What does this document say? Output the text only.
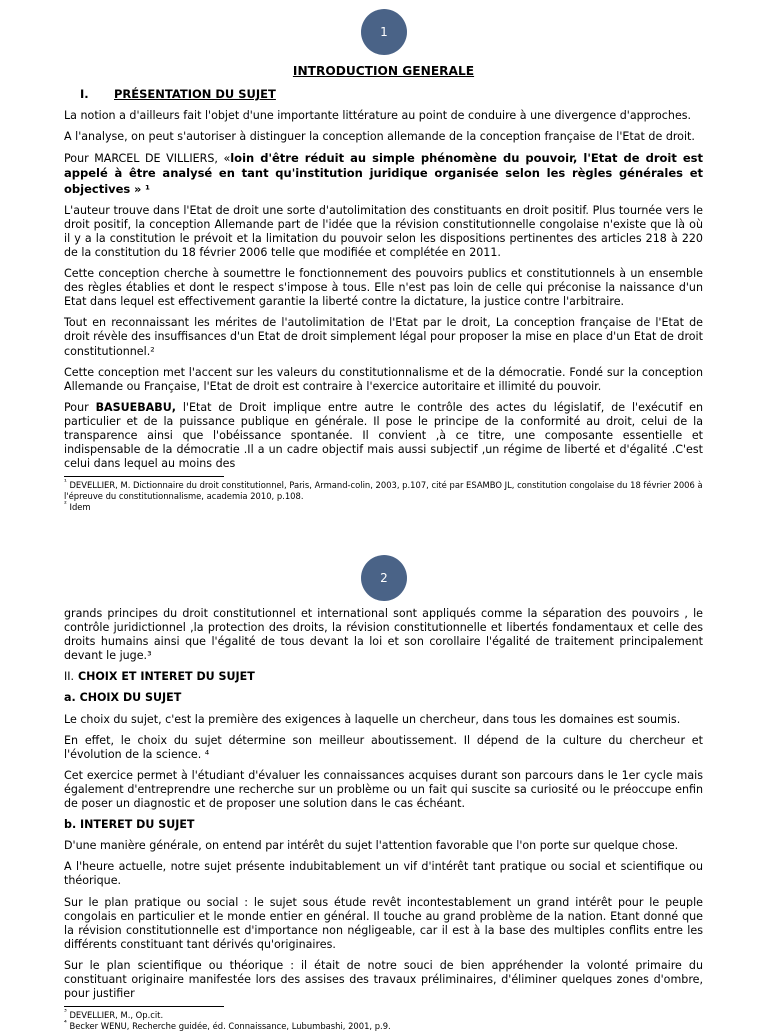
1

INTRODUCTION GENERALE

I. PRÉSENTATION DU SUJET

La notion a d'ailleurs fait l'objet d'une importante littérature au point de conduire à une divergence d'approches.

A l'analyse, on peut s'autoriser à distinguer la conception allemande de la conception française de l'Etat de droit.

Pour MARCEL DE VILLIERS, «loin d'être réduit au simple phénomène du pouvoir, l'Etat de droit est appelé à être analysé en tant qu'institution juridique organisée selon les règles générales et objectives » ¹

L'auteur trouve dans l'Etat de droit une sorte d'autolimitation des constituants en droit positif. Plus tournée vers le droit positif, la conception Allemande part de l'idée que la révision constitutionnelle congolaise n'existe que là où il y a la constitution le prévoit et la limitation du pouvoir selon les dispositions pertinentes des articles 218 à 220 de la constitution du 18 février 2006 telle que modifiée et complétée en 2011.

Cette conception cherche à soumettre le fonctionnement des pouvoirs publics et constitutionnels à un ensemble des règles établies et dont le respect s'impose à tous. Elle n'est pas loin de celle qui préconise la naissance d'un Etat dans lequel est effectivement garantie la liberté contre la dictature, la justice contre l'arbitraire.

Tout en reconnaissant les mérites de l'autolimitation de l'Etat par le droit, La conception française de l'Etat de droit révèle des insuffisances d'un Etat de droit simplement légal pour proposer la mise en place d'un Etat de droit constitutionnel.²

Cette conception met l'accent sur les valeurs du constitutionnalisme et de la démocratie. Fondé sur la conception Allemande ou Française, l'Etat de droit est contraire à l'exercice autoritaire et illimité du pouvoir.

Pour BASUEBABU, l'Etat de Droit implique entre autre le contrôle des actes du législatif, de l'exécutif en particulier et de la puissance publique en générale. Il pose le principe de la conformité au droit, celui de la transparence ainsi que l'obéissance spontanée. Il convient ,à ce titre, une composante essentielle et indispensable de la démocratie .Il a un cadre objectif mais aussi subjectif ,un régime de liberté et d'égalité .C'est celui dans lequel au moins des

$^{^1}$ DEVELLIER, M. Dictionnaire du droit constitutionnel, Paris, Armand-colin, 2003, p.107, cité par ESAMBO JL, constitution congolaise du 18 février 2006 à l'épreuve du constitutionnalisme, academia 2010, p.108.

$^{^2}$ Idem

2

grands principes du droit constitutionnel et international sont appliqués comme la séparation des pouvoirs , le contrôle juridictionnel ,la protection des droits, la révision constitutionnelle et libertés fondamentaux et celle des droits humains ainsi que l'égalité de tous devant la loi et son corollaire l'égalité de traitement principalement devant le juge.³

II. CHOIX ET INTERET DU SUJET

a. CHOIX DU SUJET

Le choix du sujet, c'est la première des exigences à laquelle un chercheur, dans tous les domaines est soumis.

En effet, le choix du sujet détermine son meilleur aboutissement. Il dépend de la culture du chercheur et l'évolution de la science. ⁴

Cet exercice permet à l'étudiant d'évaluer les connaissances acquises durant son parcours dans le 1er cycle mais également d'entreprendre une recherche sur un problème ou un fait qui suscite sa curiosité ou le préoccupe enfin de poser un diagnostic et de proposer une solution dans le cas échéant.

b. INTERET DU SUJET

D'une manière générale, on entend par intérêt du sujet l'attention favorable que l'on porte sur quelque chose.

A l'heure actuelle, notre sujet présente indubitablement un vif d'intérêt tant pratique ou social et scientifique ou théorique.

Sur le plan pratique ou social : le sujet sous étude revêt incontestablement un grand intérêt pour le peuple congolais en particulier et le monde entier en général. Il touche au grand problème de la nation. Etant donné que la révision constitutionnelle est d'importance non négligeable, car il est à la base des multiples conflits entre les différents constituant tant dérivés qu'originaires.

Sur le plan scientifique ou théorique : il était de notre souci de bien appréhender la volonté primaire du constituant originaire manifestée lors des assises des travaux préliminaires, d'éliminer quelques zones d'ombre, pour justifier

$^{^3}$ DEVELLIER, M., Op.cit.

$^{^4}$ Becker WENU, Recherche guidée, éd. Connaissance, Lubumbashi, 2001, p.9.
